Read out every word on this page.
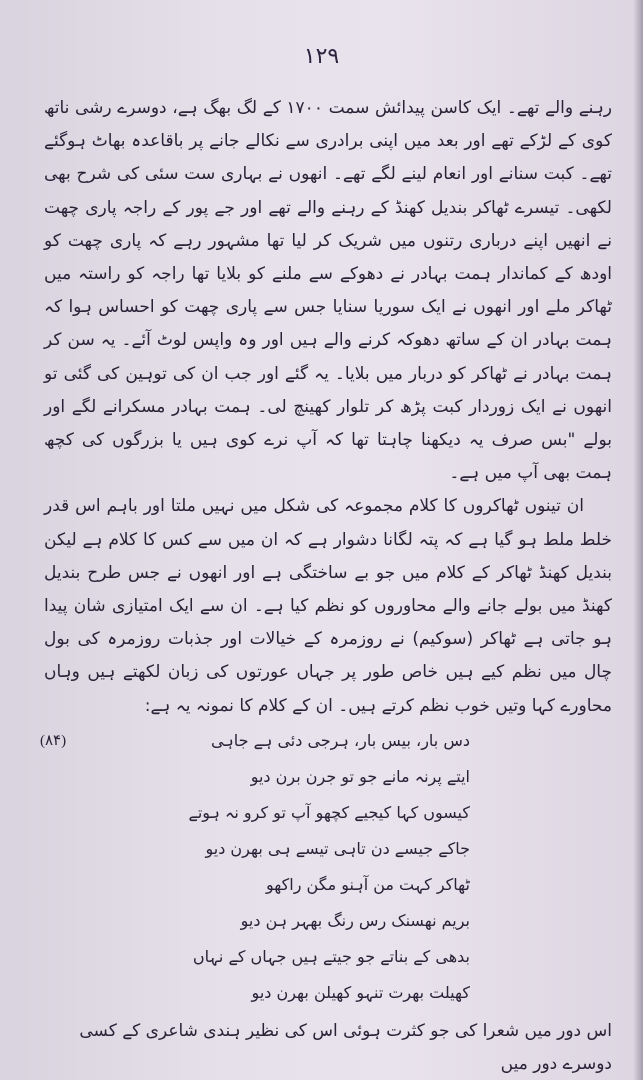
۱۲۹

رہنے والے تھے۔ ایک کاسن پیدائش سمت ۱۷۰۰ کے لگ بھگ ہے، دوسرے رشی ناتھ کوی کے لڑکے تھے اور بعد میں اپنی برادری سے نکالے جانے پر باقاعدہ بھاٹ ہوگئے تھے۔ کبت سنانے اور انعام لینے لگے تھے۔ انھوں نے بہاری ست سئی کی شرح بھی لکھی۔ تیسرے ٹھاکر بندیل کھنڈ کے رہنے والے تھے اور جے پور کے راجہ پاری چھت نے انھیں اپنے درباری رتنوں میں شریک کر لیا تھا مشہور رہے کہ پاری چھت کو اودھ کے کماندار ہمت بہادر نے دھوکے سے ملنے کو بلایا تھا راجہ کو راستہ میں ٹھاکر ملے اور انھوں نے ایک سوریا سنایا جس سے پاری چھت کو احساس ہوا کہ ہمت بہادر ان کے ساتھ دھوکہ کرنے والے ہیں اور وہ واپس لوٹ آئے۔ یہ سن کر ہمت بہادر نے ٹھاکر کو دربار میں بلایا۔ یہ گئے اور جب ان کی توہین کی گئی تو انھوں نے ایک زوردار کبت پڑھ کر تلوار کھینچ لی۔ ہمت بہادر مسکرانے لگے اور بولے "بس صرف یہ دیکھنا چاہتا تھا کہ آپ نرے کوی ہیں یا بزرگوں کی کچھ ہمت بھی آپ میں ہے۔

ان تینوں ٹھاکروں کا کلام مجموعہ کی شکل میں نہیں ملتا اور باہم اس قدر خلط ملط ہو گیا ہے کہ پتہ لگانا دشوار ہے کہ ان میں سے کس کا کلام ہے لیکن بندیل کھنڈ ٹھاکر کے کلام میں جو بے ساختگی ہے اور انھوں نے جس طرح بندیل کھنڈ میں بولے جانے والے محاوروں کو نظم کیا ہے۔ ان سے ایک امتیازی شان پیدا ہو جاتی ہے ٹھاکر (سوکیم) نے روزمرہ کے خیالات اور جذبات روزمرہ کی بول چال میں نظم کیے ہیں خاص طور پر جہاں عورتوں کی زبان لکھتے ہیں وہاں محاورے کہا وتیں خوب نظم کرتے ہیں۔ ان کے کلام کا نمونہ یہ ہے:

دس بار، بیس بار، ہرجی دئی ہے جاہی
ایتے پرنہ مانے جو تو جرن برن دیو
کیسوں کہا کیجیے کچھو آپ تو کرو نہ ہوتے
جاکے جیسے دن تاہی تیسے ہی بھرن دیو
ٹھاکر کہت من آہنو مگن راکھو
بریم نھسنک رس رنگ بھہر ہن دیو
بدھی کے بناتے جو جیتے ہیں جہاں کے نہاں
کھیلت بھرت تنہو کھیلن بھرن دیو

اس دور میں شعرا کی جو کثرت ہوئی اس کی نظیر ہندی شاعری کے کسی دوسرے دور میں

(۸۴)
